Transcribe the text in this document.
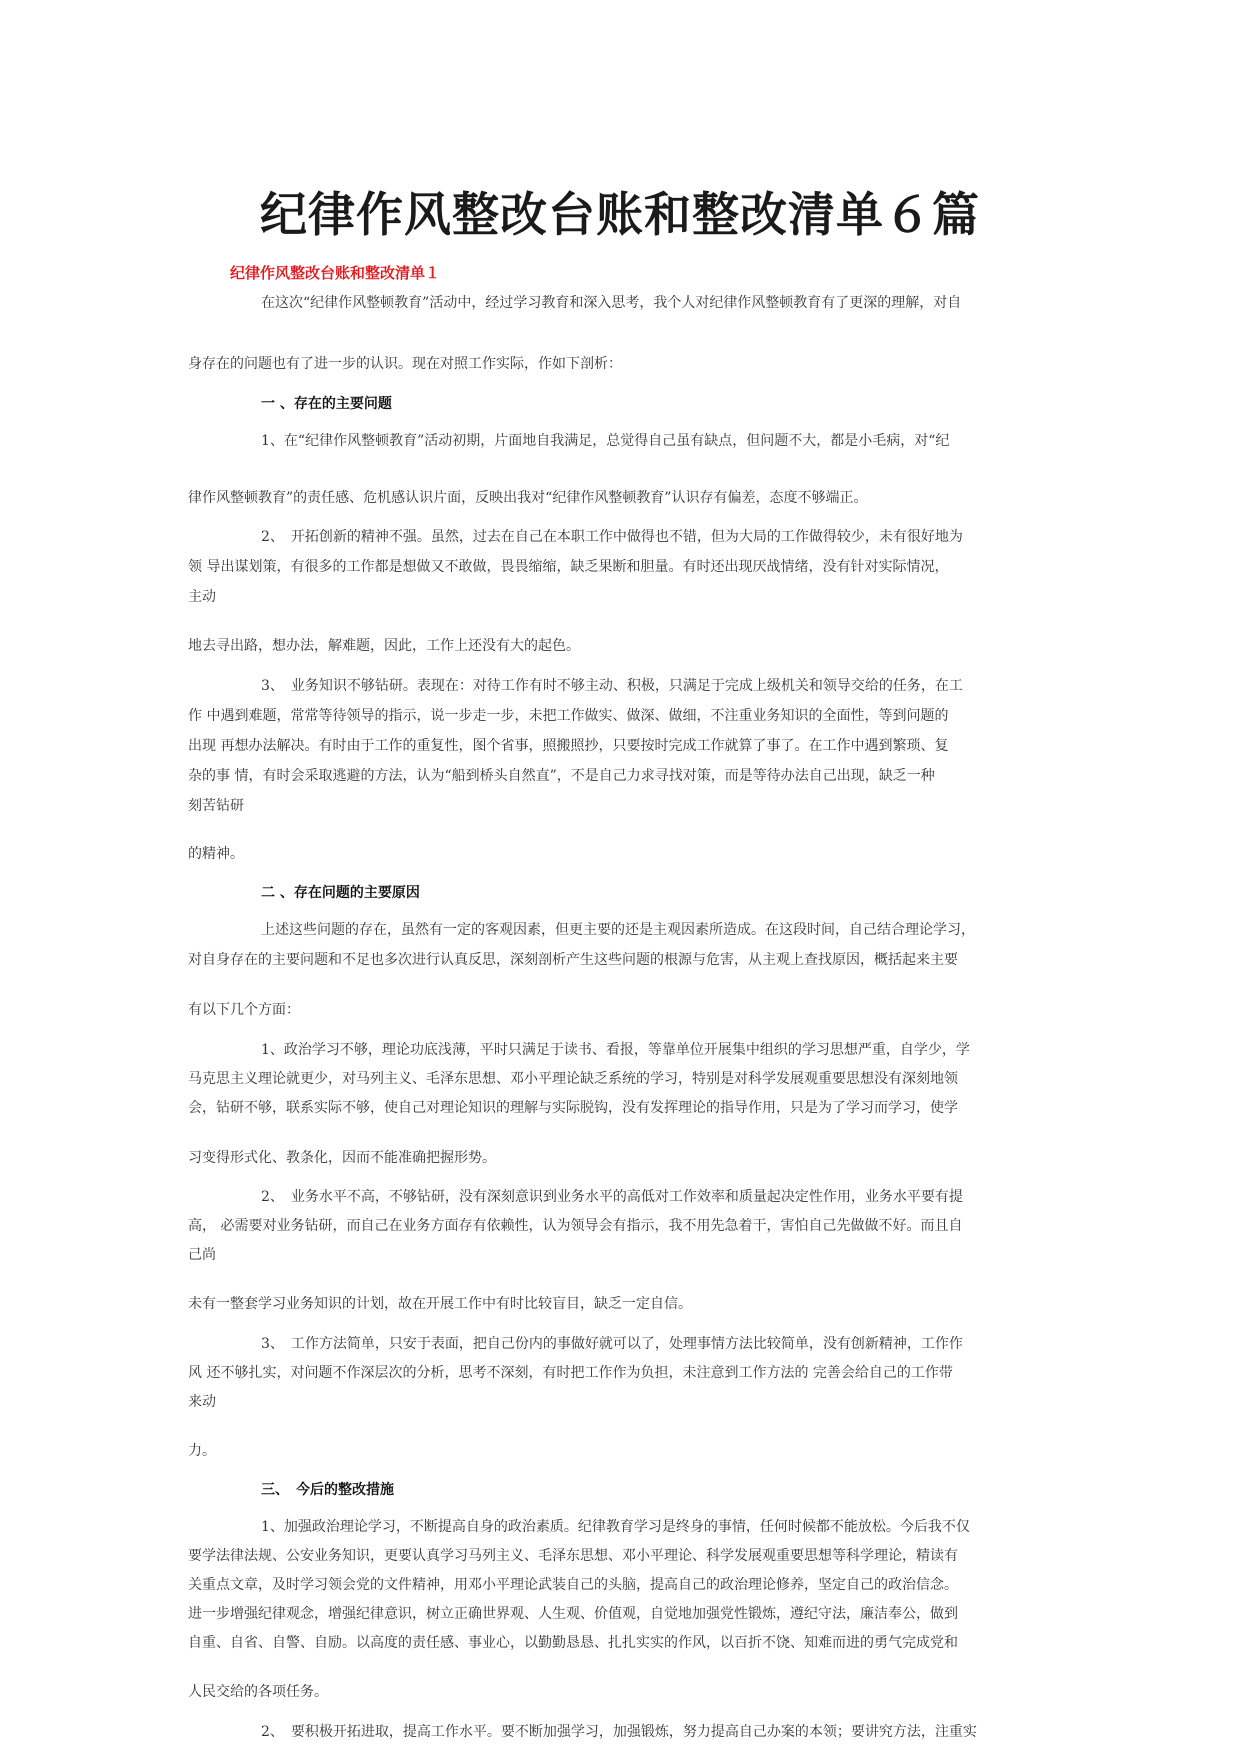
纪律作风整改台账和整改清单６篇
纪律作风整改台账和整改清单１

在这次“纪律作风整顿教育”活动中，经过学习教育和深入思考，我个人对纪律作风整顿教育有了更深的理解，对自

身存在的问题也有了进一步的认识。现在对照工作实际，作如下剖析：

一 、存在的主要问题

1、在“纪律作风整顿教育”活动初期，片面地自我满足，总觉得自己虽有缺点，但问题不大，都是小毛病，对“纪

律作风整顿教育”的责任感、危机感认识片面，反映出我对“纪律作风整顿教育”认识存有偏差，态度不够端正。

2、　开拓创新的精神不强。虽然，过去在自己在本职工作中做得也不错，但为大局的工作做得较少，未有很好地为

领 导出谋划策，有很多的工作都是想做又不敢做，畏畏缩缩，缺乏果断和胆量。有时还出现厌战情绪，没有针对实际情况，

主动

地去寻出路，想办法，解难题，因此，工作上还没有大的起色。

3、　业务知识不够钻研。表现在：对待工作有时不够主动、积极，只满足于完成上级机关和领导交给的任务，在工

作 中遇到难题，常常等待领导的指示，说一步走一步，未把工作做实、做深、做细，不注重业务知识的全面性，等到问题的

出现 再想办法解决。有时由于工作的重复性，图个省事，照搬照抄，只要按时完成工作就算了事了。在工作中遇到繁琐、复

杂的事 情，有时会采取逃避的方法，认为“船到桥头自然直”，不是自己力求寻找对策，而是等待办法自己出现，缺乏一种

刻苦钻研

的精神。

二 、存在问题的主要原因

上述这些问题的存在，虽然有一定的客观因素，但更主要的还是主观因素所造成。在这段时间，自己结合理论学习，

对自身存在的主要问题和不足也多次进行认真反思，深刻剖析产生这些问题的根源与危害，从主观上查找原因，概括起来主要

有以下几个方面：

1、政治学习不够，理论功底浅薄，平时只满足于读书、看报，等靠单位开展集中组织的学习思想严重，自学少，学

马克思主义理论就更少，对马列主义、毛泽东思想、邓小平理论缺乏系统的学习，特别是对科学发展观重要思想没有深刻地领

会，钻研不够，联系实际不够，使自己对理论知识的理解与实际脱钩，没有发挥理论的指导作用，只是为了学习而学习，使学

习变得形式化、教条化，因而不能准确把握形势。

2、　业务水平不高，不够钻研，没有深刻意识到业务水平的高低对工作效率和质量起决定性作用，业务水平要有提

高， 必需要对业务钻研，而自己在业务方面存有依赖性，认为领导会有指示，我不用先急着干，害怕自己先做做不好。而且自

己尚

未有一整套学习业务知识的计划，故在开展工作中有时比较盲目，缺乏一定自信。

3、　工作方法简单，只安于表面，把自己份内的事做好就可以了，处理事情方法比较简单，没有创新精神，工作作

风 还不够扎实，对问题不作深层次的分析，思考不深刻，有时把工作作为负担，未注意到工作方法的 完善会给自己的工作带

来动

力。

三、　今后的整改措施

1、加强政治理论学习，不断提高自身的政治素质。纪律教育学习是终身的事情，任何时候都不能放松。今后我不仅

要学法律法规、公安业务知识，更要认真学习马列主义、毛泽东思想、邓小平理论、科学发展观重要思想等科学理论，精读有

关重点文章，及时学习领会党的文件精神，用邓小平理论武装自己的头脑，提高自己的政治理论修养，坚定自己的政治信念。

进一步增强纪律观念，增强纪律意识，树立正确世界观、人生观、价值观，自觉地加强党性锻炼，遵纪守法，廉洁奉公，做到

自重、自省、自警、自励。以高度的责任感、事业心，以勤勤恳恳、扎扎实实的作风，以百折不饶、知难而进的勇气完成党和

人民交给的各项任务。

2、　要积极开拓进取，提高工作水平。要不断加强学习，加强锻炼，努力提高自己办案的本领；要讲究方法，注重实
